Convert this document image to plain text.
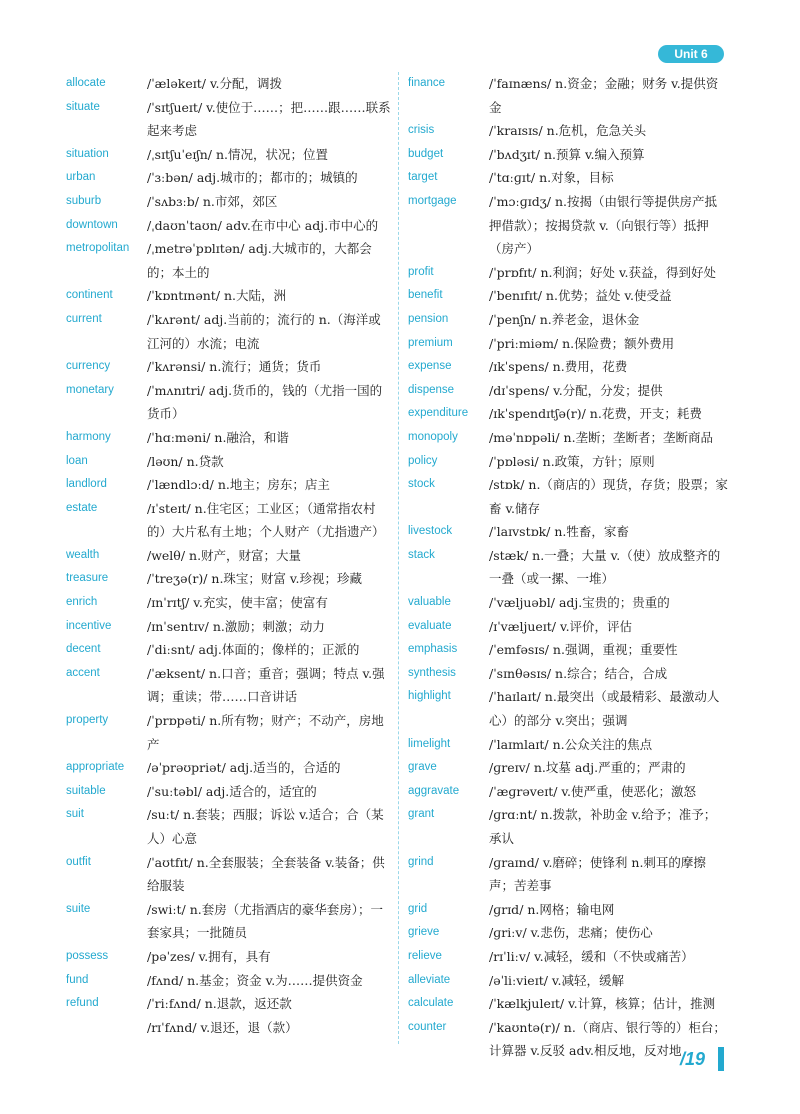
Unit 6
allocate	/ˈæləkeɪt/ v.分配，调拨
situate	/ˈsɪtʃueɪt/ v.使位于……；把……跟……联系起来考虑
situation	/ˌsɪtʃuˈeɪʃn/ n.情况，状况；位置
urban	/ˈɜːbən/ adj.城市的；都市的；城镇的
suburb	/ˈsʌbɜːb/ n.市郊，郊区
downtown	/ˌdaʊnˈtaʊn/ adv.在市中心 adj.市中心的
metropolitan	/ˌmetrəˈpɒlɪtən/ adj.大城市的，大都会的；本土的
continent	/ˈkɒntɪnənt/ n.大陆，洲
current	/ˈkʌrənt/ adj.当前的；流行的 n.（海洋或江河的）水流；电流
currency	/ˈkʌrənsi/ n.流行；通货；货币
monetary	/ˈmʌnɪtri/ adj.货币的，钱的（尤指一国的货币）
harmony	/ˈhɑːməni/ n.融洽，和谐
loan	/ləʊn/ n.贷款
landlord	/ˈlændlɔːd/ n.地主；房东；店主
estate	/ɪˈsteɪt/ n.住宅区；工业区；（通常指农村的）大片私有土地；个人财产（尤指遗产）
wealth	/welθ/ n.财产，财富；大量
treasure	/ˈtreʒə(r)/ n.珠宝；财富 v.珍视；珍藏
enrich	/ɪnˈrɪtʃ/ v.充实，使丰富；使富有
incentive	/ɪnˈsentɪv/ n.激励；刺激；动力
decent	/ˈdiːsnt/ adj.体面的；像样的；正派的
accent	/ˈæksent/ n.口音；重音；强调；特点 v.强调；重读；带……口音讲话
property	/ˈprɒpəti/ n.所有物；财产；不动产，房地产
appropriate	/əˈprəʊpriət/ adj.适当的，合适的
suitable	/ˈsuːtəbl/ adj.适合的，适宜的
suit	/suːt/ n.套装；西服；诉讼 v.适合；合（某人）心意
outfit	/ˈaʊtfɪt/ n.全套服装；全套装备 v.装备；供给服装
suite	/swiːt/ n.套房（尤指酒店的豪华套房）；一套家具；一批随员
possess	/pəˈzes/ v.拥有，具有
fund	/fʌnd/ n.基金；资金 v.为……提供资金
refund	/ˈriːfʌnd/ n.退款，返还款
/rɪˈfʌnd/ v.退还，退（款）
finance	/ˈfaɪnæns/ n.资金；金融；财务 v.提供资金
crisis	/ˈkraɪsɪs/ n.危机，危急关头
budget	/ˈbʌdʒɪt/ n.预算 v.编入预算
target	/ˈtɑːɡɪt/ n.对象，目标
mortgage	/ˈmɔːɡɪdʒ/ n.按揭（由银行等提供房产抵押借款）；按揭贷款 v.（向银行等）抵押（房产）
profit	/ˈprɒfɪt/ n.利润；好处 v.获益，得到好处
benefit	/ˈbenɪfɪt/ n.优势；益处 v.使受益
pension	/ˈpenʃn/ n.养老金，退休金
premium	/ˈpriːmiəm/ n.保险费；额外费用
expense	/ɪkˈspens/ n.费用，花费
dispense	/dɪˈspens/ v.分配，分发；提供
expenditure	/ɪkˈspendɪtʃə(r)/ n.花费，开支；耗费
monopoly	/məˈnɒpəli/ n.垄断；垄断者；垄断商品
policy	/ˈpɒləsi/ n.政策，方针；原则
stock	/stɒk/ n.（商店的）现货，存货；股票；家畜 v.储存
livestock	/ˈlaɪvstɒk/ n.牲畜，家畜
stack	/stæk/ n.一叠；大量 v.（使）放成整齐的一叠（或一摞、一堆）
valuable	/ˈvæljuəbl/ adj.宝贵的；贵重的
evaluate	/ɪˈvæljueɪt/ v.评价，评估
emphasis	/ˈemfəsɪs/ n.强调，重视；重要性
synthesis	/ˈsɪnθəsɪs/ n.综合；结合，合成
highlight	/ˈhaɪlaɪt/ n.最突出（或最精彩、最激动人心）的部分 v.突出；强调
limelight	/ˈlaɪmlaɪt/ n.公众关注的焦点
grave	/ɡreɪv/ n.坟墓 adj.严重的；严肃的
aggravate	/ˈæɡrəveɪt/ v.使严重，使恶化；激怒
grant	/ɡrɑːnt/ n.拨款，补助金 v.给予；准予；承认
grind	/ɡraɪnd/ v.磨碎；使锋利 n.刺耳的摩擦声；苦差事
grid	/ɡrɪd/ n.网格；输电网
grieve	/ɡriːv/ v.悲伤，悲痛；使伤心
relieve	/rɪˈliːv/ v.减轻，缓和（不快或痛苦）
alleviate	/əˈliːvieɪt/ v.减轻，缓解
calculate	/ˈkælkjuleɪt/ v.计算，核算；估计，推测
counter	/ˈkaʊntə(r)/ n.（商店、银行等的）柜台；计算器 v.反驳 adv.相反地，反对地
/19
